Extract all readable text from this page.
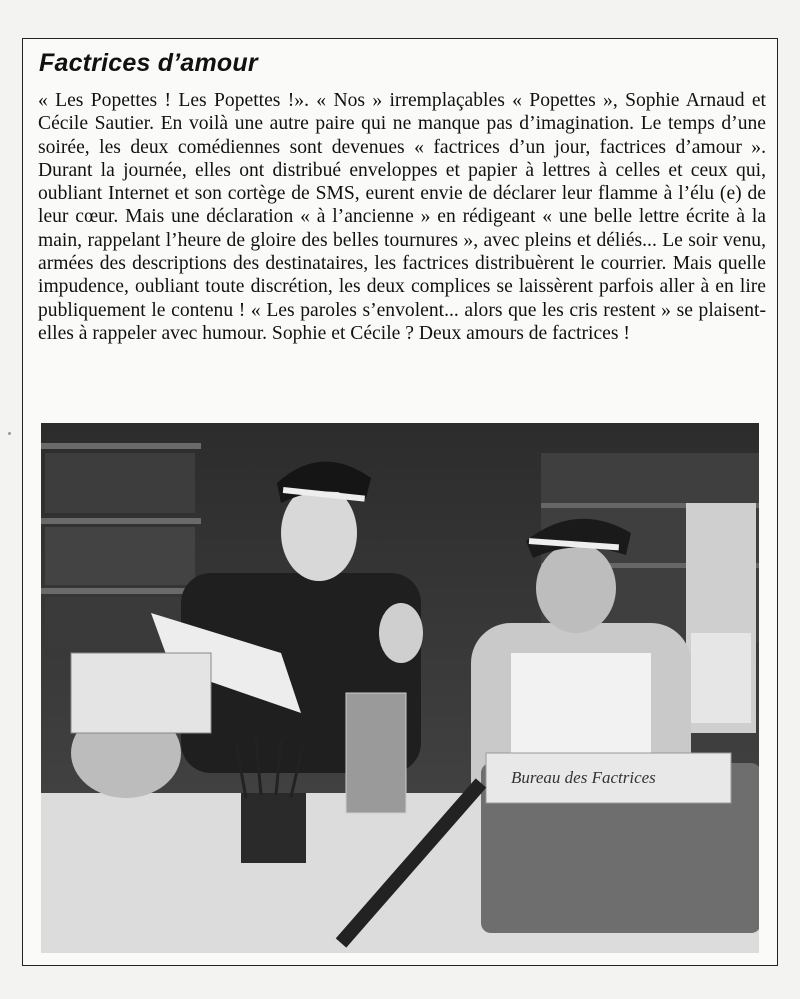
Factrices d’amour

« Les Popettes ! Les Popettes !». « Nos » irremplaçables « Popettes », Sophie Arnaud et Cécile Sautier. En voilà une autre paire qui ne manque pas d’imagination. Le temps d’une soirée, les deux comédiennes sont devenues « factrices d’un jour, factrices d’amour ». Durant la journée, elles ont distribué enveloppes et papier à lettres à celles et ceux qui, oubliant Internet et son cortège de SMS, eurent envie de déclarer leur flamme à l’élu (e) de leur cœur. Mais une déclaration « à l’ancienne » en rédigeant « une belle lettre écrite à la main, rappelant l’heure de gloire des belles tournures », avec pleins et déliés... Le soir venu, armées des descriptions des destinataires, les factrices distribuèrent le courrier. Mais quelle impudence, oubliant toute discrétion, les deux complices se laissèrent parfois aller à en lire publiquement le contenu ! « Les paroles s’envolent... alors que les cris restent » se plaisent-elles à rappeler avec humour. Sophie et Cécile ? Deux amours de factrices !

Bureau des Factrices
